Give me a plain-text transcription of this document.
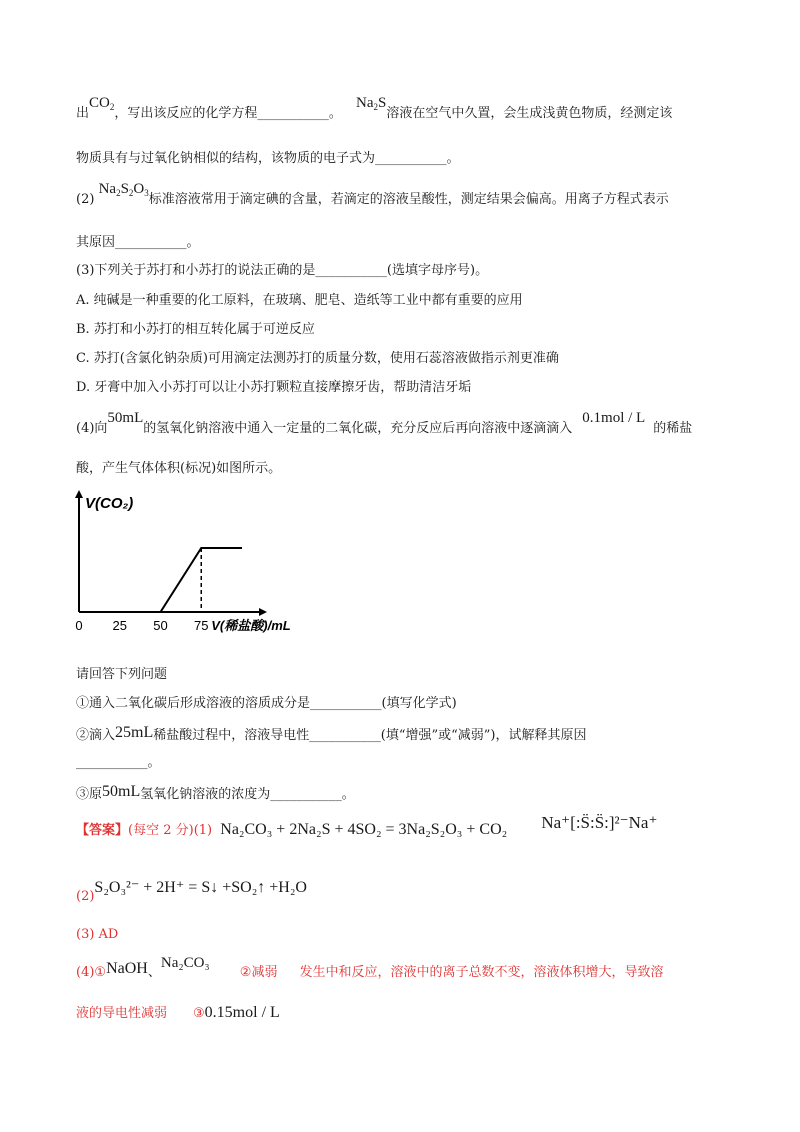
出$CO_2$，写出该反应的化学方程___________。 $Na_2S$溶液在空气中久置，会生成浅黄色物质，经测定该
物质具有与过氧化钠相似的结构，该物质的电子式为___________。
(2) $Na_2S_2O_3$标准溶液常用于滴定碘的含量，若滴定的溶液呈酸性，测定结果会偏高。用离子方程式表示
其原因___________。
(3)下列关于苏打和小苏打的说法正确的是___________(选填字母序号)。
A. 纯碱是一种重要的化工原料，在玻璃、肥皂、造纸等工业中都有重要的应用
B. 苏打和小苏打的相互转化属于可逆反应
C. 苏打(含氯化钠杂质)可用滴定法测苏打的质量分数，使用石蕊溶液做指示剂更准确
D. 牙膏中加入小苏打可以让小苏打颗粒直接摩擦牙齿，帮助清洁牙垢
(4)向50mL的氢氧化钠溶液中通入一定量的二氧化碳，充分反应后再向溶液中逐滴滴入0.1mol / L的稀盐
酸，产生气体体积(标况)如图所示。
V(CO₂)
0 25 50 75 V(稀盐酸)/mL
请回答下列问题
①通入二氧化碳后形成溶液的溶质成分是___________(填写化学式)
②滴入25mL稀盐酸过程中，溶液导电性___________(填“增强”或“减弱”)，试解释其原因
___________。
③原50mL氢氧化钠溶液的浓度为___________。
【答案】(每空 2 分)(1) Na₂CO₃ + 2Na₂S + 4SO₂ = 3Na₂S₂O₃ + CO₂ Na⁺[:S̈:S̈:]²⁻Na⁺
(2)S₂O₃²⁻ + 2H⁺ = S↓ +SO₂↑ +H₂O
(3) AD
(4)①NaOH、Na₂CO₃ ②减弱 发生中和反应，溶液中的离子总数不变，溶液体积增大，导致溶
液的导电性减弱 ③0.15mol / L
